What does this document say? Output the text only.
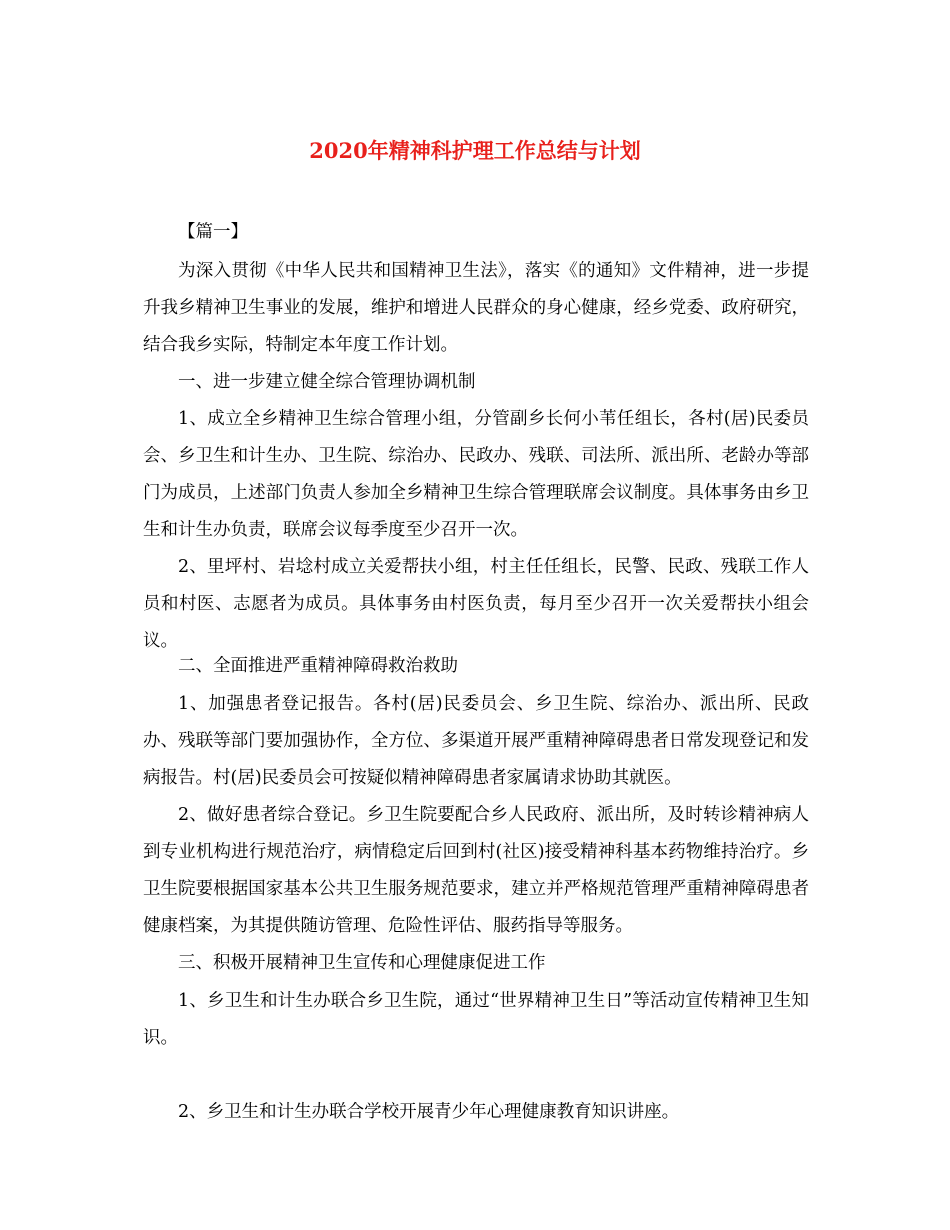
2020年精神科护理工作总结与计划

【篇一】

为深入贯彻《中华人民共和国精神卫生法》，落实《的通知》文件精神，进一步提升我乡精神卫生事业的发展，维护和增进人民群众的身心健康，经乡党委、政府研究，结合我乡实际，特制定本年度工作计划。

一、进一步建立健全综合管理协调机制

1、成立全乡精神卫生综合管理小组，分管副乡长何小苇任组长，各村(居)民委员会、乡卫生和计生办、卫生院、综治办、民政办、残联、司法所、派出所、老龄办等部门为成员，上述部门负责人参加全乡精神卫生综合管理联席会议制度。具体事务由乡卫生和计生办负责，联席会议每季度至少召开一次。

2、里坪村、岩埝村成立关爱帮扶小组，村主任任组长，民警、民政、残联工作人员和村医、志愿者为成员。具体事务由村医负责，每月至少召开一次关爱帮扶小组会议。

二、全面推进严重精神障碍救治救助

1、加强患者登记报告。各村(居)民委员会、乡卫生院、综治办、派出所、民政办、残联等部门要加强协作，全方位、多渠道开展严重精神障碍患者日常发现登记和发病报告。村(居)民委员会可按疑似精神障碍患者家属请求协助其就医。

2、做好患者综合登记。乡卫生院要配合乡人民政府、派出所，及时转诊精神病人到专业机构进行规范治疗，病情稳定后回到村(社区)接受精神科基本药物维持治疗。乡卫生院要根据国家基本公共卫生服务规范要求，建立并严格规范管理严重精神障碍患者健康档案，为其提供随访管理、危险性评估、服药指导等服务。

三、积极开展精神卫生宣传和心理健康促进工作

1、乡卫生和计生办联合乡卫生院，通过“世界精神卫生日”等活动宣传精神卫生知识。

2、乡卫生和计生办联合学校开展青少年心理健康教育知识讲座。
